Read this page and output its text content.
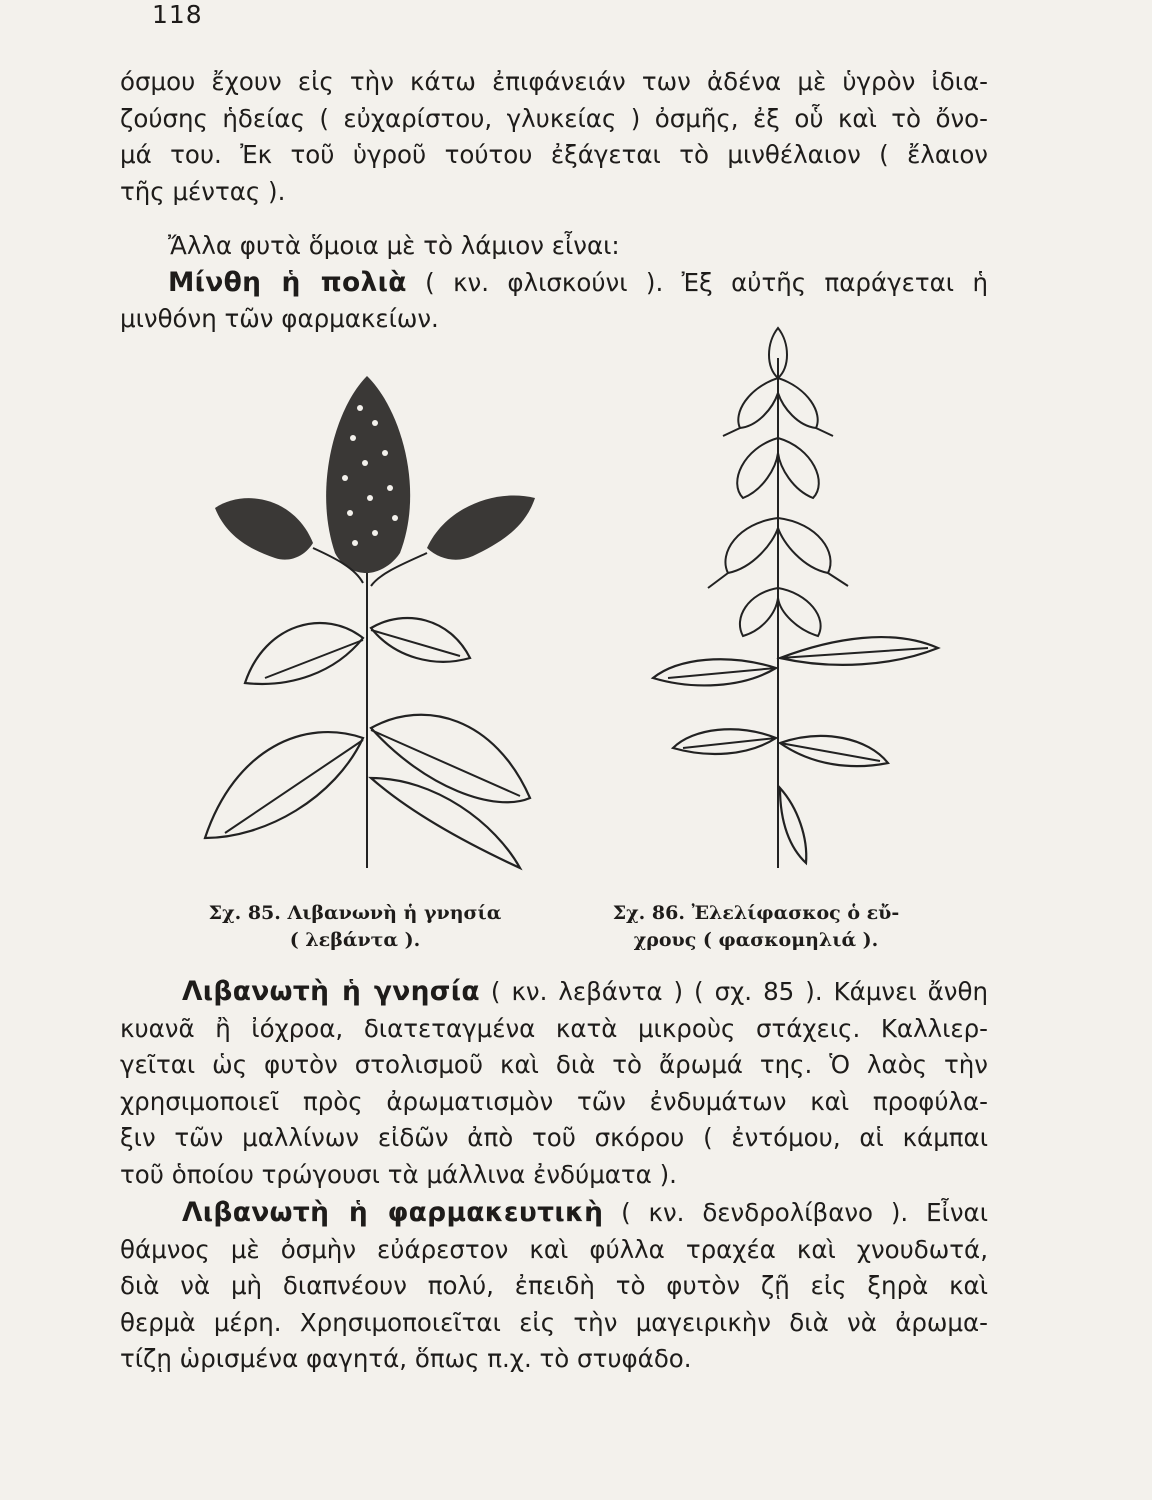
118
όσμου ἔχουν εἰς τὴν κάτω ἐπιφάνειάν των ἀδένα μὲ ὑγρὸν ἰδια-
ζούσης ἡδείας ( εὐχαρίστου, γλυκείας ) ὀσμῆς, ἐξ οὗ καὶ τὸ ὄνο-
μά του. Ἐκ τοῦ ὑγροῦ τούτου ἐξάγεται τὸ μινθέλαιον ( ἔλαιον
τῆς μέντας ).
Ἄλλα φυτὰ ὅμοια μὲ τὸ λάμιον εἶναι:
Μίνθη ἡ πολιὰ ( κν. φλισκούνι ). Ἐξ αὐτῆς παράγεται ἡ
μινθόνη τῶν φαρμακείων.
Σχ. 85. Λιβανωνὴ ἡ γνησία
( λεβάντα ).
Σχ. 86. Ἐλελίφασκος ὁ εὔ-
χρους ( φασκομηλιά ).
Λιβανωτὴ ἡ γνησία ( κν. λεβάντα ) ( σχ. 85 ). Κάμνει ἄνθη
κυανᾶ ἢ ἰόχροα, διατεταγμένα κατὰ μικροὺς στάχεις. Καλλιερ-
γεῖται ὡς φυτὸν στολισμοῦ καὶ διὰ τὸ ἄρωμά της. Ὁ λαὸς τὴν
χρησιμοποιεῖ πρὸς ἀρωματισμὸν τῶν ἐνδυμάτων καὶ προφύλα-
ξιν τῶν μαλλίνων εἰδῶν ἀπὸ τοῦ σκόρου ( ἐντόμου, αἱ κάμπαι
τοῦ ὁποίου τρώγουσι τὰ μάλλινα ἐνδύματα ).
Λιβανωτὴ ἡ φαρμακευτικὴ ( κν. δενδρολίβανο ). Εἶναι
θάμνος μὲ ὀσμὴν εὐάρεστον καὶ φύλλα τραχέα καὶ χνουδωτά,
διὰ νὰ μὴ διαπνέουν πολύ, ἐπειδὴ τὸ φυτὸν ζῇ εἰς ξηρὰ καὶ
θερμὰ μέρη. Χρησιμοποιεῖται εἰς τὴν μαγειρικὴν διὰ νὰ ἀρωμα-
τίζῃ ὡρισμένα φαγητά, ὅπως π.χ. τὸ στυφάδο.
